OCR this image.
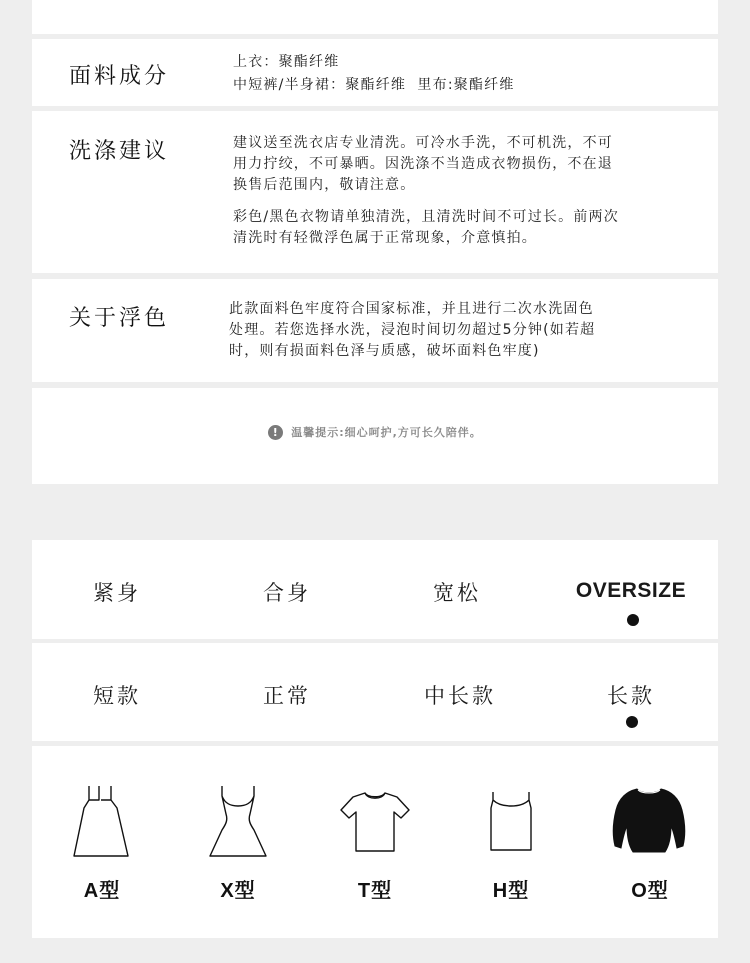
面料成分
上衣：聚酯纤维
中短裤/半身裙：聚酯纤维  里布:聚酯纤维
洗涤建议	建议送至洗衣店专业清洗。可冷水手洗，不可机洗，不可
用力拧绞，不可暴晒。因洗涤不当造成衣物损伤，不在退
换售后范围内，敬请注意。
彩色/黑色衣物请单独清洗，且清洗时间不可过长。前两次
清洗时有轻微浮色属于正常现象，介意慎拍。
关于浮色	此款面料色牢度符合国家标准，并且进行二次水洗固色
处理。若您选择水洗，浸泡时间切勿超过5分钟(如若超
时，则有损面料色泽与质感，破坏面料色牢度)
! 温馨提示:细心呵护,方可长久陪伴。
紧身	合身	宽松	OVERSIZE
短款	正常	中长款	长款
A型	X型	T型	H型	O型
